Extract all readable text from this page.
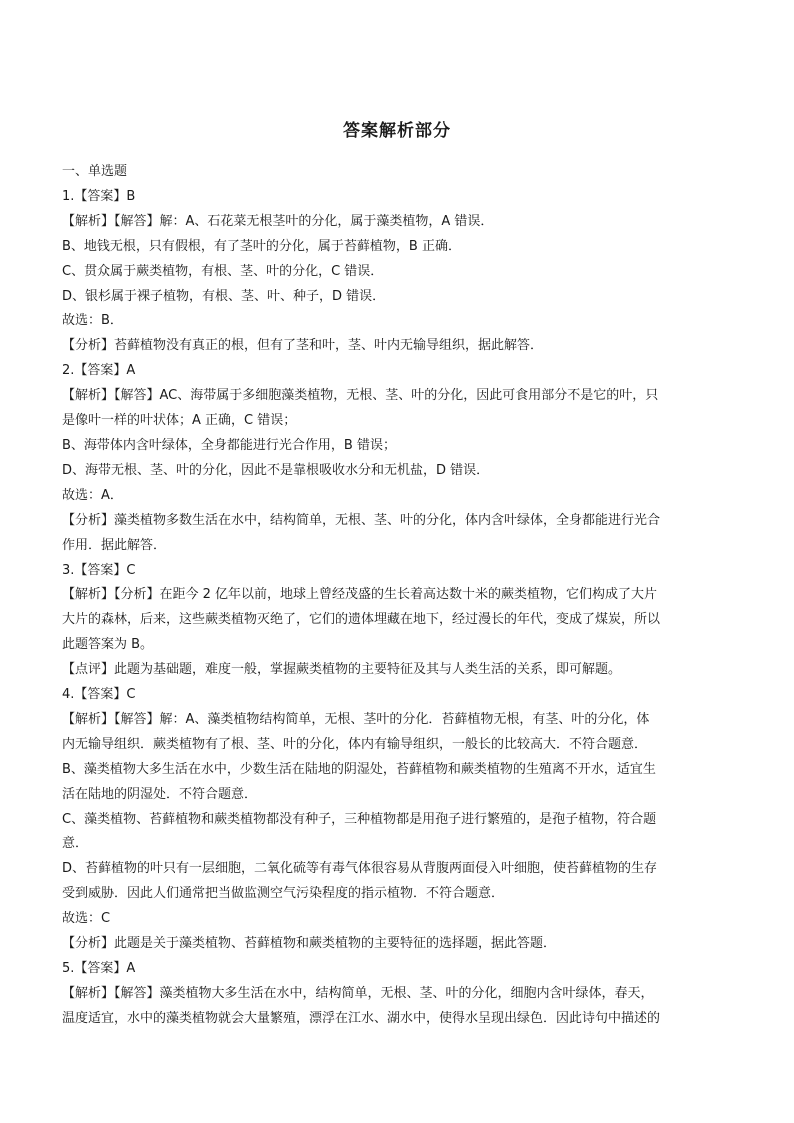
答案解析部分
一、单选题
1.【答案】B
【解析】【解答】解：A、石花菜无根茎叶的分化，属于藻类植物，A 错误．
B、地钱无根，只有假根，有了茎叶的分化，属于苔藓植物，B 正确．
C、贯众属于蕨类植物，有根、茎、叶的分化，C 错误．
D、银杉属于裸子植物，有根、茎、叶、种子，D 错误．
故选：B．
【分析】苔藓植物没有真正的根，但有了茎和叶，茎、叶内无输导组织，据此解答．
2.【答案】A
【解析】【解答】AC、海带属于多细胞藻类植物，无根、茎、叶的分化，因此可食用部分不是它的叶，只
是像叶一样的叶状体；A 正确，C 错误；
B、海带体内含叶绿体，全身都能进行光合作用，B 错误；
D、海带无根、茎、叶的分化，因此不是靠根吸收水分和无机盐，D 错误．
故选：A．
【分析】藻类植物多数生活在水中，结构简单，无根、茎、叶的分化，体内含叶绿体，全身都能进行光合
作用．据此解答．
3.【答案】C
【解析】【分析】在距今 2 亿年以前，地球上曾经茂盛的生长着高达数十米的蕨类植物，它们构成了大片
大片的森林，后来，这些蕨类植物灭绝了，它们的遗体埋藏在地下，经过漫长的年代，变成了煤炭，所以
此题答案为 B。
【点评】此题为基础题，难度一般，掌握蕨类植物的主要特征及其与人类生活的关系，即可解题。
4.【答案】C
【解析】【解答】解：A、藻类植物结构简单，无根、茎叶的分化．苔藓植物无根，有茎、叶的分化，体
内无输导组织．蕨类植物有了根、茎、叶的分化，体内有输导组织，一般长的比较高大．不符合题意．
B、藻类植物大多生活在水中，少数生活在陆地的阴湿处，苔藓植物和蕨类植物的生殖离不开水，适宜生
活在陆地的阴湿处．不符合题意．
C、藻类植物、苔藓植物和蕨类植物都没有种子，三种植物都是用孢子进行繁殖的，是孢子植物，符合题
意．
D、苔藓植物的叶只有一层细胞，二氧化硫等有毒气体很容易从背腹两面侵入叶细胞，使苔藓植物的生存
受到威胁．因此人们通常把当做监测空气污染程度的指示植物．不符合题意．
故选：C
【分析】此题是关于藻类植物、苔藓植物和蕨类植物的主要特征的选择题，据此答题．
5.【答案】A
【解析】【解答】藻类植物大多生活在水中，结构简单，无根、茎、叶的分化，细胞内含叶绿体，春天，
温度适宜，水中的藻类植物就会大量繁殖，漂浮在江水、湖水中，使得水呈现出绿色．因此诗句中描述的
